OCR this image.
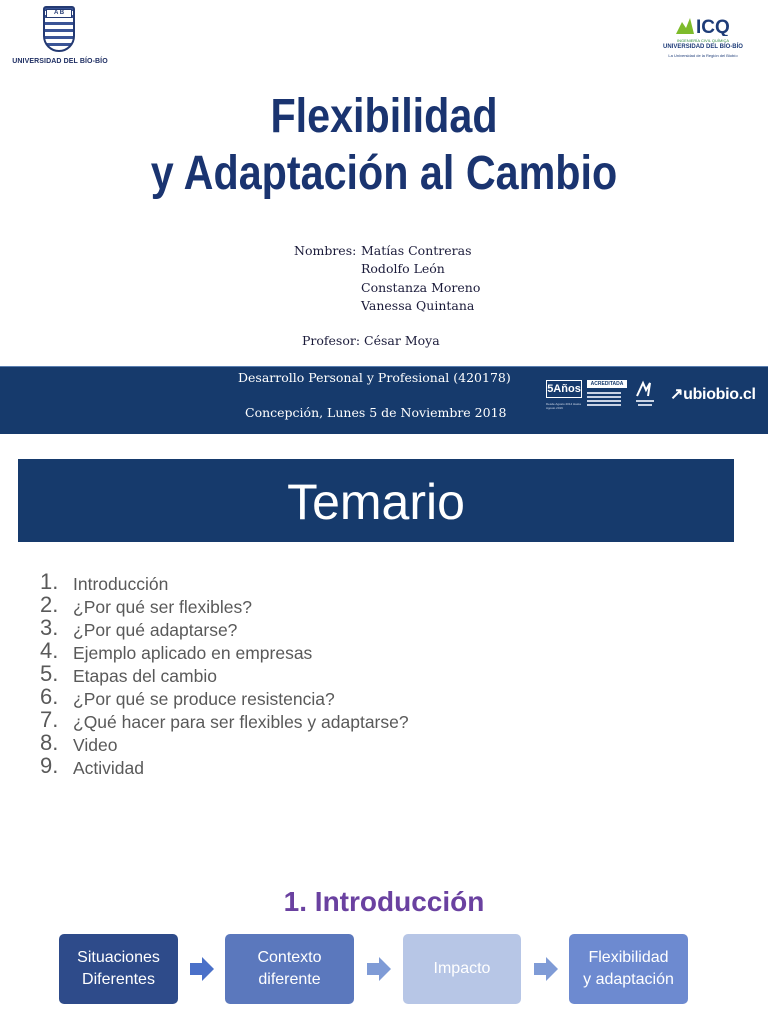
A B
UNIVERSIDAD DEL BÍO-BÍO
ICQ
INGENIERÍA CIVIL QUÍMICA
UNIVERSIDAD DEL BÍO-BÍO
La Universidad de la Región del Biobío
Flexibilidad
y Adaptación al Cambio
Nombres: Matías Contreras
Rodolfo León
Constanza Moreno
Vanessa Quintana
Profesor: César Moya
Desarrollo Personal y Profesional (420178)
Concepción, Lunes 5 de Noviembre 2018
5Años
Desde Agosto 2014 Hasta Agosto 2019
ACREDITADA
↗ubiobio.cl
Temario
1. Introducción
2. ¿Por qué ser flexibles?
3. ¿Por qué adaptarse?
4. Ejemplo aplicado en empresas
5. Etapas del cambio
6. ¿Por qué se produce resistencia?
7. ¿Qué hacer para ser flexibles y adaptarse?
8. Video
9. Actividad
1. Introducción
Situaciones
Diferentes
Contexto
diferente
Impacto
Flexibilidad
y adaptación
